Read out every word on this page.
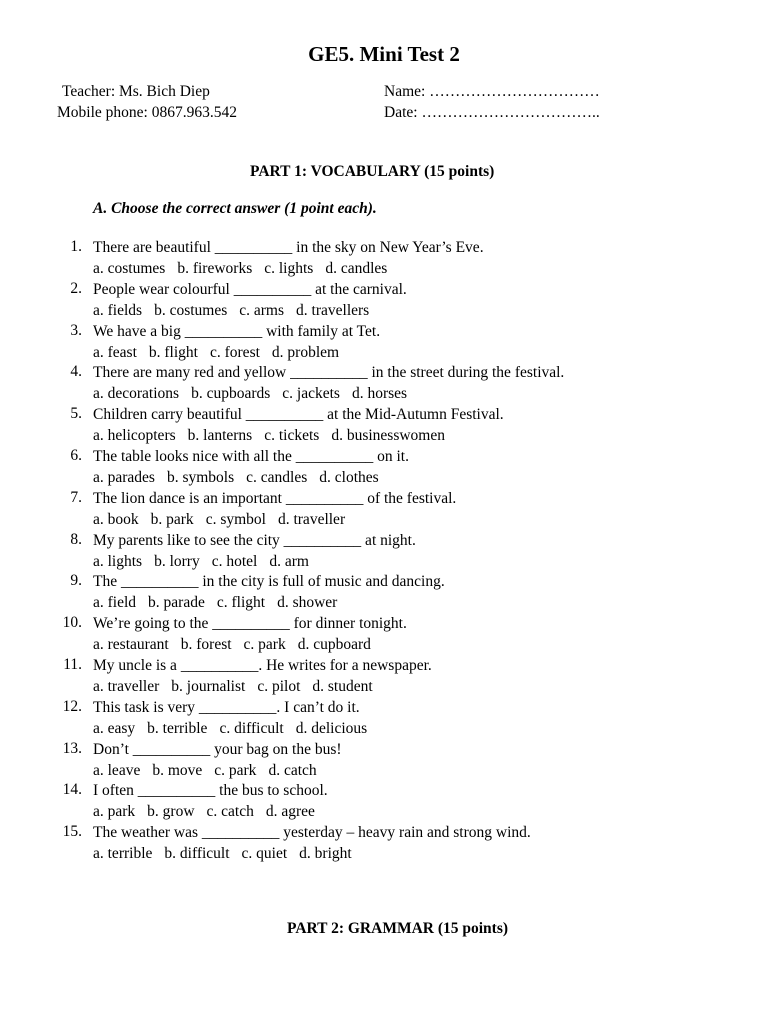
GE5. Mini Test 2
Teacher: Ms. Bich Diep
Mobile phone: 0867.963.542
Name: ……………………………
Date: ……………………………..
PART 1: VOCABULARY (15 points)
A. Choose the correct answer (1 point each).
1. There are beautiful __________ in the sky on New Year’s Eve.
a. costumes b. fireworks c. lights d. candles
2. People wear colourful __________ at the carnival.
a. fields b. costumes c. arms d. travellers
3. We have a big __________ with family at Tet.
a. feast b. flight c. forest d. problem
4. There are many red and yellow __________ in the street during the festival.
a. decorations b. cupboards c. jackets d. horses
5. Children carry beautiful __________ at the Mid-Autumn Festival.
a. helicopters b. lanterns c. tickets d. businesswomen
6. The table looks nice with all the __________ on it.
a. parades b. symbols c. candles d. clothes
7. The lion dance is an important __________ of the festival.
a. book b. park c. symbol d. traveller
8. My parents like to see the city __________ at night.
a. lights b. lorry c. hotel d. arm
9. The __________ in the city is full of music and dancing.
a. field b. parade c. flight d. shower
10. We’re going to the __________ for dinner tonight.
a. restaurant b. forest c. park d. cupboard
11. My uncle is a __________. He writes for a newspaper.
a. traveller b. journalist c. pilot d. student
12. This task is very __________. I can’t do it.
a. easy b. terrible c. difficult d. delicious
13. Don’t __________ your bag on the bus!
a. leave b. move c. park d. catch
14. I often __________ the bus to school.
a. park b. grow c. catch d. agree
15. The weather was __________ yesterday – heavy rain and strong wind.
a. terrible b. difficult c. quiet d. bright
PART 2: GRAMMAR (15 points)
